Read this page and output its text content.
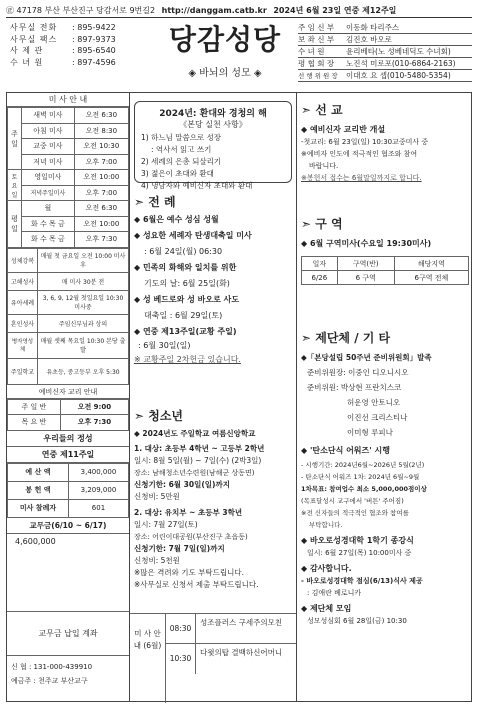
㊣ 47178 부산 부산진구 당감서로 9번길2 http://danggam.catb.kr 2024년 6월 23일 연중 제12주일
사무실 전화	: 895-9422
사무실 팩스	: 897-9373
사 제 관	: 895-6540
수 녀 원	: 897-4596
당감성당
◈ 바뇌의 성모 ◈
주 임 신 부	이동화 타리주스
보 좌 신 부	김진호 바오로
수 녀 원	윤리베타(노 성베네딕도 수녀회)
평 협 회 장	노진석 미로포(010-6864-2163)
선 행 위 원 장	이대호 요 셉(010-5480-5354)
미 사 안 내
주
일	새벽 미사	오전 6:30
	아침 미사	오전 8:30
	교중 미사	오전 10:30
	저녁 미사	오후 7:00
토요일	영일미사	오전 10:00
	저녁주일미사	오후 7:00
평
일	월	오전 6:30
	화 수 목 금	오전 10:00
	화 수 목 금	오후 7:30
성체강복	매월 첫 금요일 오전 10:00 미사후
고해성사	매 미사 30분 전
유아세례	3, 6, 9, 12월 첫일요일 10:30미사중
혼인성사	주임신부님과 상의
병자영성체	매월 셋째 목요일 10:30 본당 출발
주일학교	유초등, 중고등부 오후 5:30
예비신자 교리 안내
주 일 반	오전 9:00
목 요 반	오후 7:30
우리들의 정성
연중 제11주일
예 산 액	3,400,000
봉 헌 액	3,209,000
미사 참례자	601
교무금(6/10 ~ 6/17)
4,600,000
교무금 납입 계좌
신 협 : 131-000-439910
예금주 : 천주교 부산교구
2024년: 환대와 경청의 해
《본당 실천 사항》
1) 하느님 말씀으로 성장
: 역사서 읽고 쓰기
2) 세례의 은총 되살리기
3) 젊은이 초대와 환대
4) 냉담자와 예비신자 초대와 환대
➣ 전 례
◆ 6월은 예수 성심 성월
◆ 성요한 세례자 탄생대축일 미사
: 6월 24일(월) 06:30
◆ 민족의 화해와 일치를 위한
기도의 날: 6월 25일(화)
◆ 성 베드로와 성 바오로 사도
대축일 : 6월 29일(토)
◆ 연중 제13주일(교황 주일)
: 6월 30일(일)
※ 교황주일 2차헌금 있습니다.
➣ 청소년
◆ 2024년도 주일학교 여름신앙학교
1. 대상: 초등부 4학년 ~ 고등부 2학년
일시: 8월 5일(월) ~ 7일(수) (2박3일)
장소: 남해청소년수련원(남해군 상동면)
신청기한: 6월 30일(일)까지
신청비: 5만원
2. 대상: 유치부 ~ 초등부 3학년
일시: 7월 27일(토)
장소: 어린이대공원(부산진구 초읍동)
신청기한: 7월 7일(일)까지
신청비: 5천원
※많은 격려와 기도 부탁드립니다.
※사무실로 신청서 제출 부탁드립니다.
미 사 안 내 (6월)
08:30
성조플러스 구세주의모친
10:30
다윗의탑 결백하신어머니
➣ 선 교
◆ 예비신자 교리반 개설
-첫교리: 6월 23일(일) 10:30교중미사 중
※예비자 인도에 적극적인 협조와 참여
바랍니다.
※봉헌서 접수는 6월말일까지로 합니다.
➣ 구 역
◆ 6월 구역미사(수요일 19:30미사)
일자	구역(반)	해당지역
6/26	6 구역	6구역 전체
➣ 제단체 / 기 타
◆「본당설립 50주년 준비위원회」발족
준비위원장: 이중인 디오니시오
준비위원: 박상현 프란치스코
허운영 안토니오
이진선 크리스티나
이미형 루피나
◆ '탄소단식 어워즈' 시행
- 시행기간: 2024년6월~2026년 5월(2년)
- 탄소단식 어워즈 1차: 2024년 6월~9월
1차목표: 참여업수 최소 5,000,000점이상
(목표달성시 교구에서 '버튼' 주어짐)
※전 신자들의 적극적인 협조와 참여를
부탁합니다.
◆ 바오로성경대학 1학기 종강식
일시: 6월 27일(목) 10:00미사 중
◆ 감사합니다.
- 바오로성경대학 점심(6/13)식사 제공
: 김애란 베로니카
◆ 제단체 모임
성모성심회 6월 28일(금) 10:30
